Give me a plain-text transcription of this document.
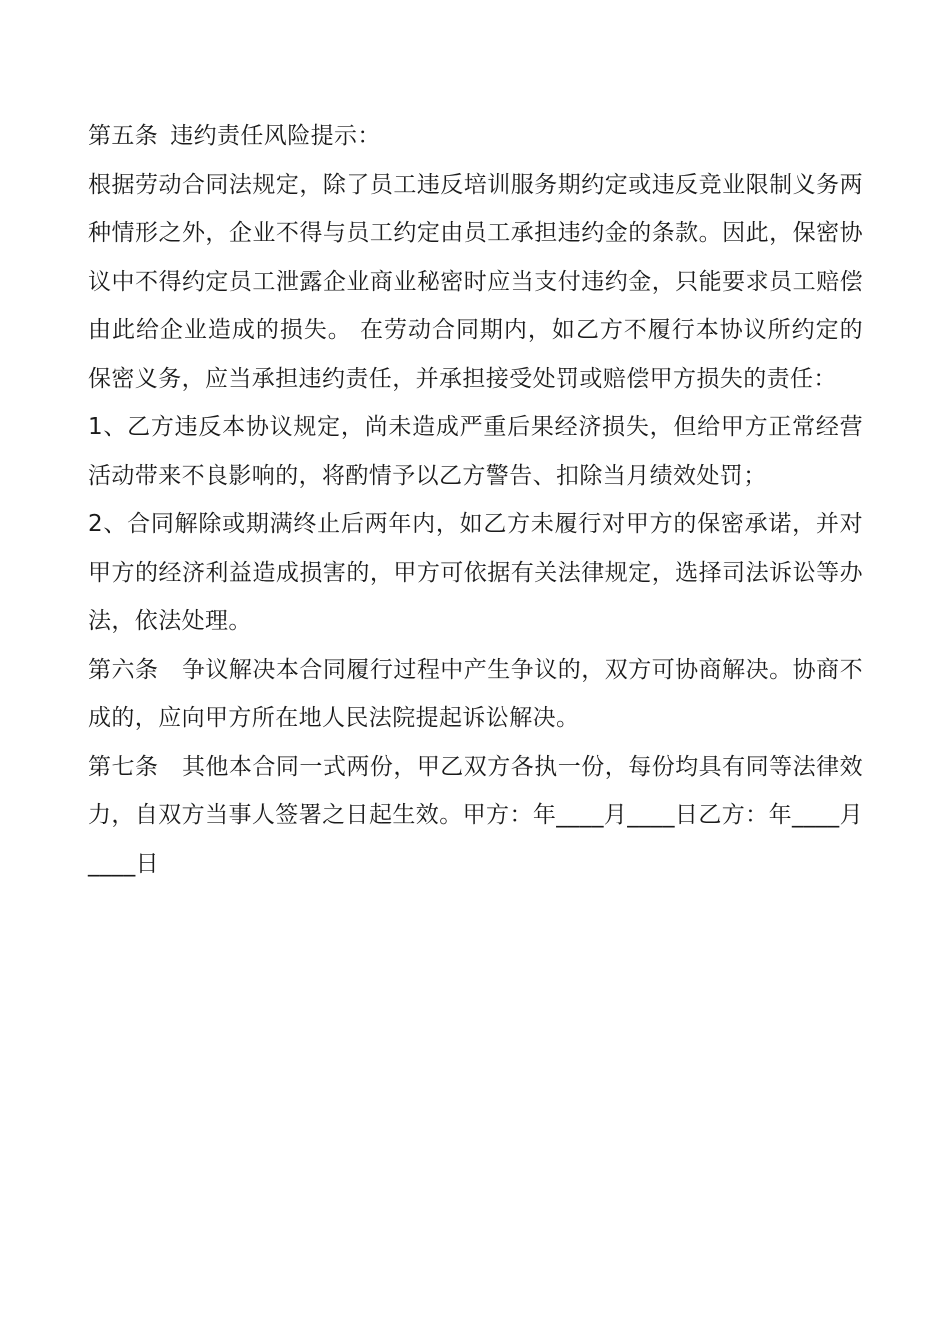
第五条 违约责任风险提示：

根据劳动合同法规定，除了员工违反培训服务期约定或违反竞业限制义务两种情形之外，企业不得与员工约定由员工承担违约金的条款。因此，保密协议中不得约定员工泄露企业商业秘密时应当支付违约金，只能要求员工赔偿由此给企业造成的损失。 在劳动合同期内，如乙方不履行本协议所约定的保密义务，应当承担违约责任，并承担接受处罚或赔偿甲方损失的责任：

1、乙方违反本协议规定，尚未造成严重后果经济损失，但给甲方正常经营活动带来不良影响的，将酌情予以乙方警告、扣除当月绩效处罚；

2、合同解除或期满终止后两年内，如乙方未履行对甲方的保密承诺，并对甲方的经济利益造成损害的，甲方可依据有关法律规定，选择司法诉讼等办法，依法处理。

第六条　争议解决本合同履行过程中产生争议的，双方可协商解决。协商不成的，应向甲方所在地人民法院提起诉讼解决。

第七条　其他本合同一式两份，甲乙双方各执一份，每份均具有同等法律效力，自双方当事人签署之日起生效。甲方：年____月____日乙方：年____月____日
